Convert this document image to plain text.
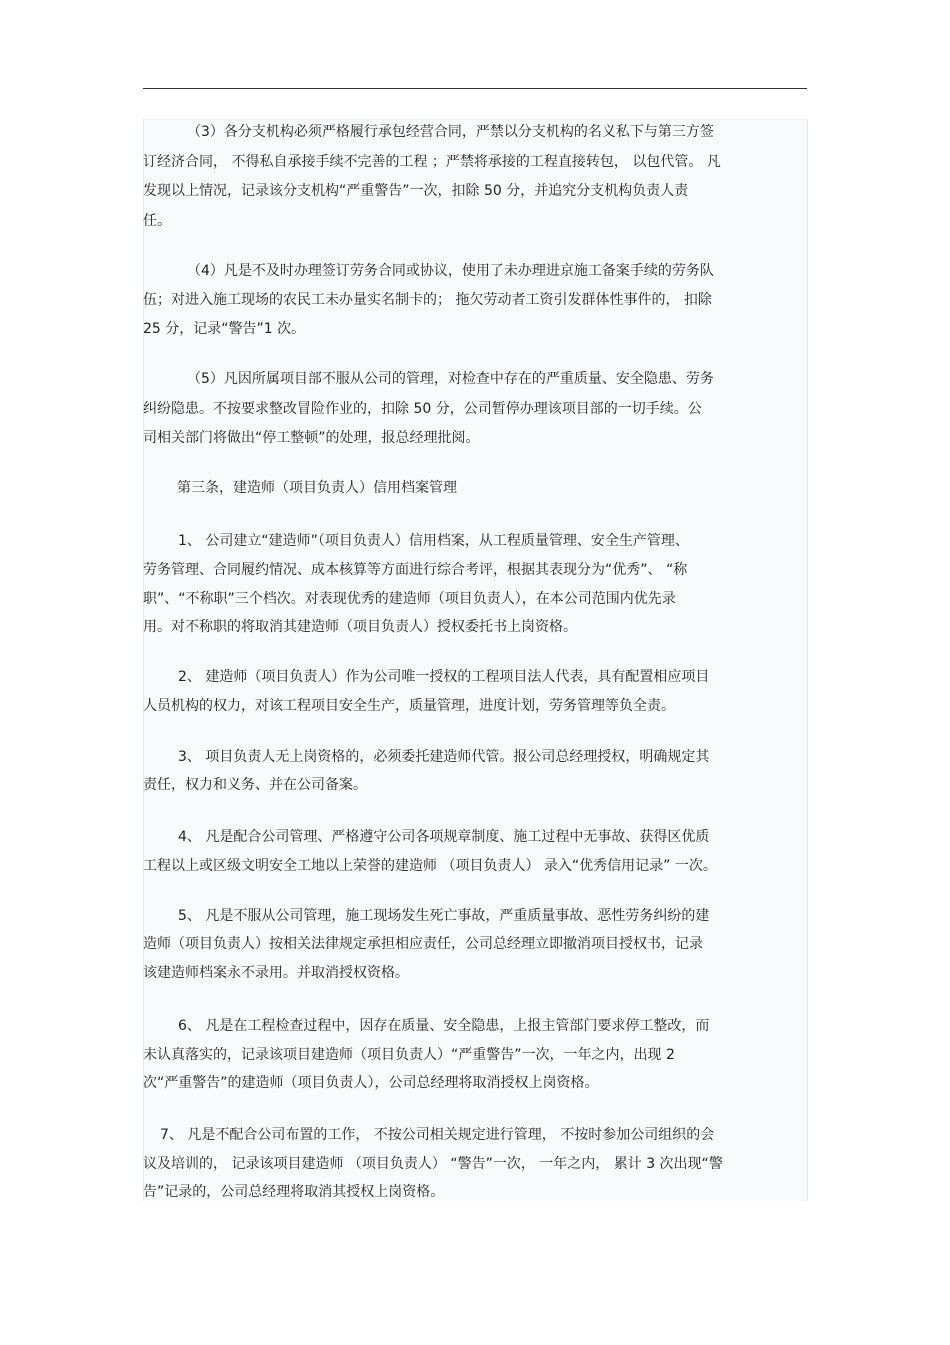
（3）各分支机构必须严格履行承包经营合同，严禁以分支机构的名义私下与第三方签
订经济合同， 不得私自承接手续不完善的工程 ；严禁将承接的工程直接转包， 以包代管。 凡
发现以上情况，记录该分支机构“严重警告”一次，扣除 50 分，并追究分支机构负责人责
任。
（4）凡是不及时办理签订劳务合同或协议，使用了未办理进京施工备案手续的劳务队
伍；对进入施工现场的农民工未办量实名制卡的； 拖欠劳动者工资引发群体性事件的， 扣除
25 分，记录“警告”1 次。
（5）凡因所属项目部不服从公司的管理，对检查中存在的严重质量、安全隐患、劳务
纠纷隐患。不按要求整改冒险作业的，扣除 50 分，公司暂停办理该项目部的一切手续。公
司相关部门将做出“停工整顿”的处理，报总经理批阅。
第三条，建造师（项目负责人）信用档案管理
1、 公司建立“建造师”（项目负责人）信用档案，从工程质量管理、安全生产管理、
劳务管理、合同履约情况、成本核算等方面进行综合考评，根据其表现分为“优秀”、 “称
职”、“不称职”三个档次。对表现优秀的建造师（项目负责人），在本公司范围内优先录
用。对不称职的将取消其建造师（项目负责人）授权委托书上岗资格。
2、 建造师（项目负责人）作为公司唯一授权的工程项目法人代表，具有配置相应项目
人员机构的权力，对该工程项目安全生产，质量管理，进度计划，劳务管理等负全责。
3、 项目负责人无上岗资格的，必须委托建造师代管。报公司总经理授权，明确规定其
责任，权力和义务、并在公司备案。
4、 凡是配合公司管理、严格遵守公司各项规章制度、施工过程中无事故、获得区优质
工程以上或区级文明安全工地以上荣誉的建造师 （项目负责人） 录入“优秀信用记录” 一次。
5、 凡是不服从公司管理，施工现场发生死亡事故，严重质量事故、恶性劳务纠纷的建
造师（项目负责人）按相关法律规定承担相应责任，公司总经理立即撤消项目授权书，记录
该建造师档案永不录用。并取消授权资格。
6、 凡是在工程检查过程中，因存在质量、安全隐患，上报主管部门要求停工整改，而
未认真落实的，记录该项目建造师（项目负责人）“严重警告”一次，一年之内，出现 2
次“严重警告”的建造师（项目负责人），公司总经理将取消授权上岗资格。
7、 凡是不配合公司布置的工作， 不按公司相关规定进行管理， 不按时参加公司组织的会
议及培训的， 记录该项目建造师 （项目负责人） “警告”一次， 一年之内， 累计 3 次出现“警
告”记录的，公司总经理将取消其授权上岗资格。
